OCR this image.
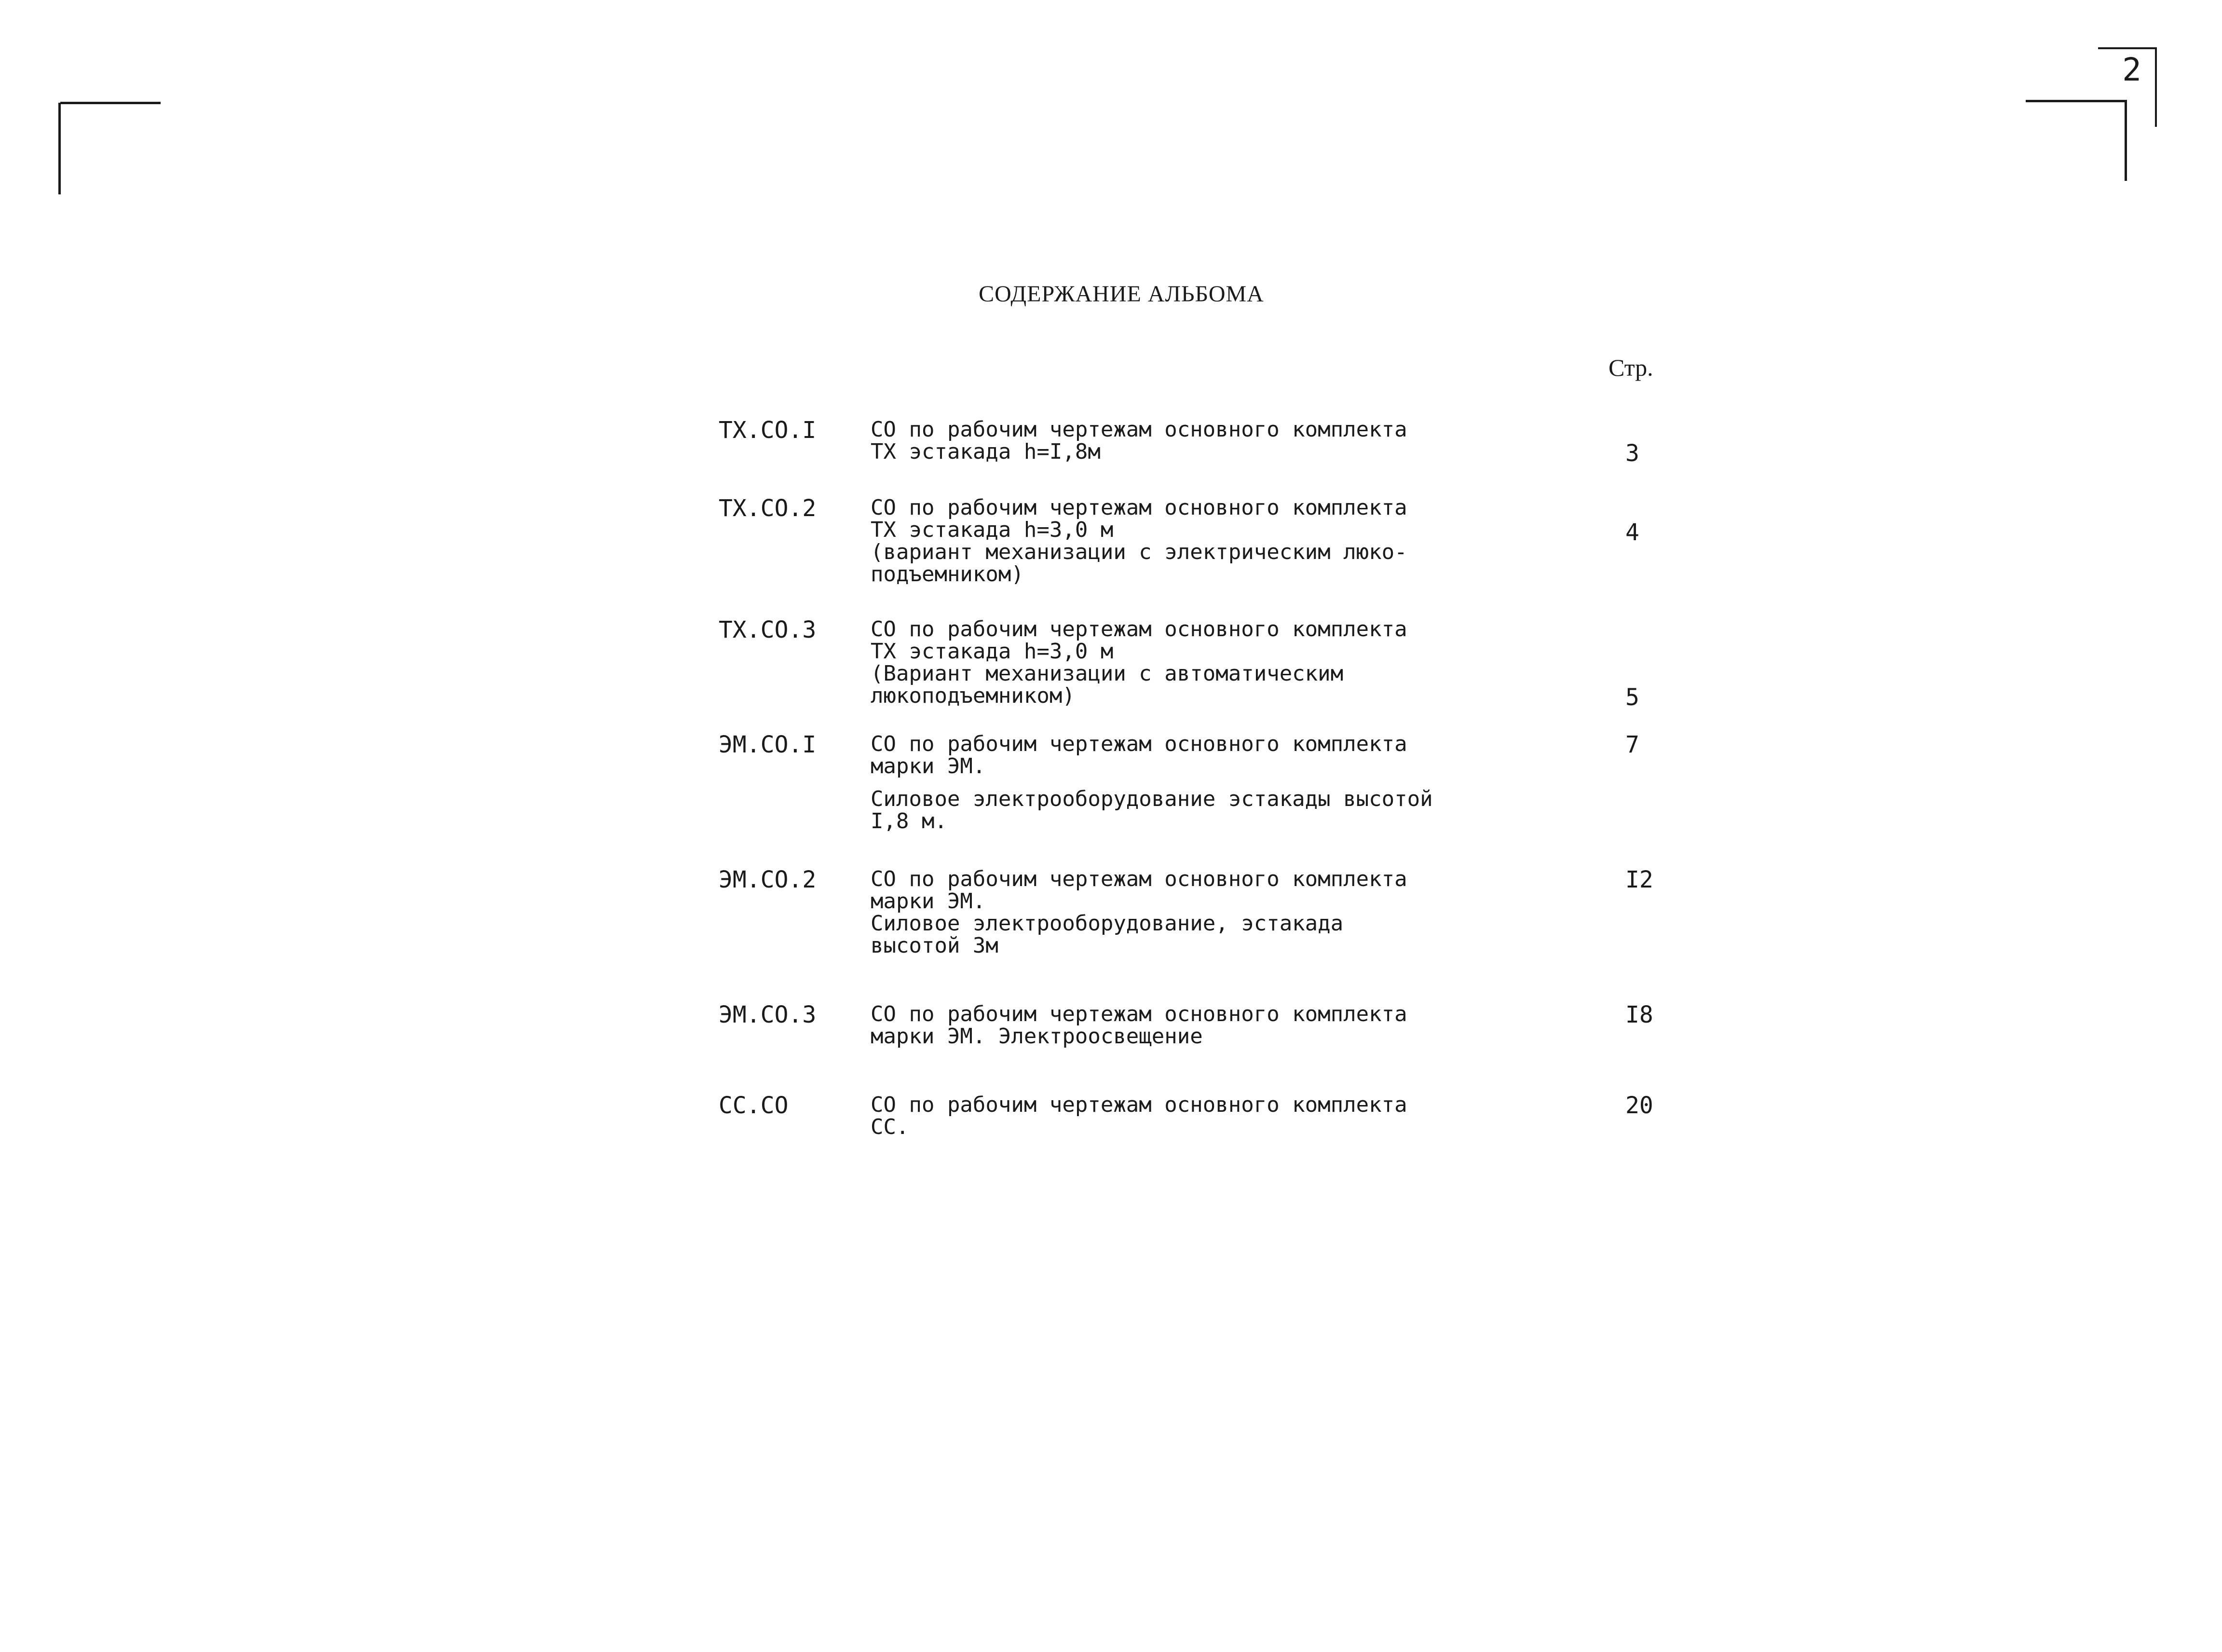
2
СОДЕРЖАНИЕ АЛЬБОМА
Стр.
ТХ.СО.I	СО по рабочим чертежам основного комплекта
ТХ эстакада h=I,8м	3
ТХ.СО.2	СО по рабочим чертежам основного комплекта
ТХ эстакада h=3,0 м
(вариант механизации с электрическим люко-
подъемником)
4
ТХ.СО.3	СО по рабочим чертежам основного комплекта
ТХ эстакада h=3,0 м
(Вариант механизации с автоматическим
люкоподъемником)	5
ЭМ.СО.I	СО по рабочим чертежам основного комплекта
марки ЭМ.
Силовое электрооборудование эстакады высотой
I,8 м.
7
ЭМ.СО.2	СО по рабочим чертежам основного комплекта
марки ЭМ.
Силовое электрооборудование, эстакада
высотой 3м
I2
ЭМ.СО.3	СО по рабочим чертежам основного комплекта
марки ЭМ. Электроосвещение
I8
СС.СО	СО по рабочим чертежам основного комплекта
СС.
20
